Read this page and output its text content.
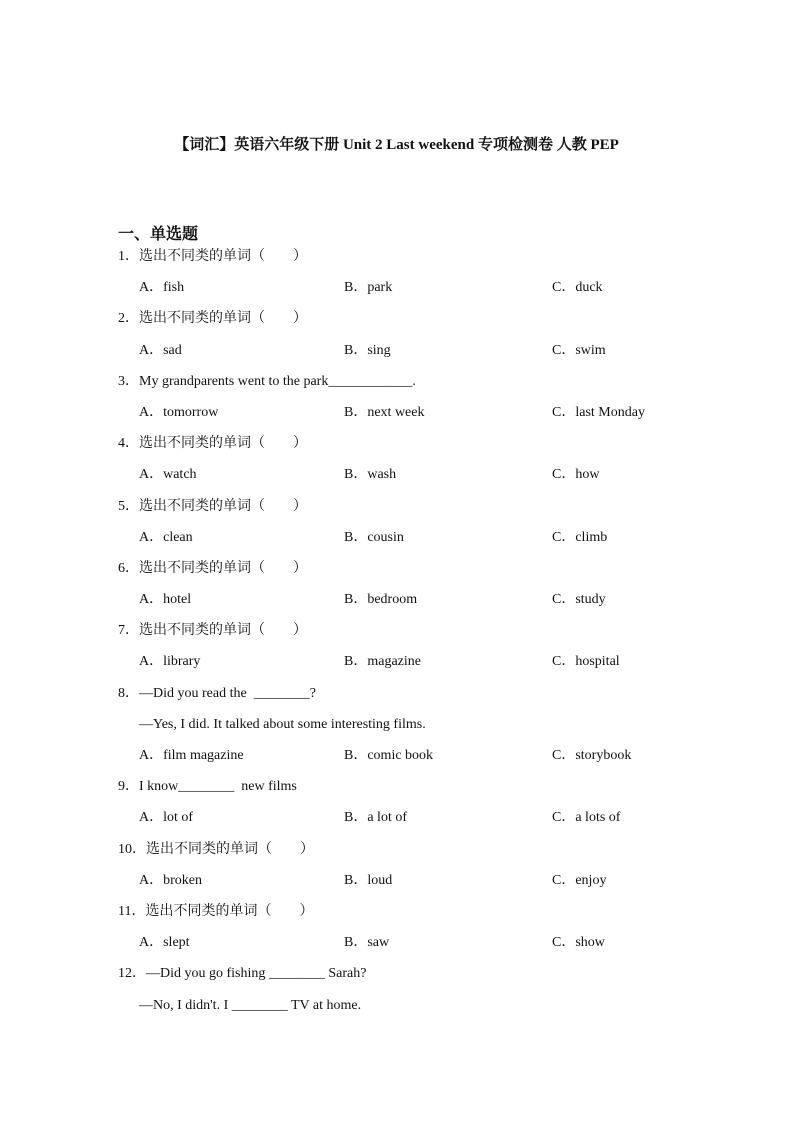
【词汇】英语六年级下册 Unit 2 Last weekend 专项检测卷 人教 PEP
一、单选题
1．选出不同类的单词（　　）
A．fish	B．park	C．duck
2．选出不同类的单词（　　）
A．sad	B．sing	C．swim
3．My grandparents went to the park____________.
A．tomorrow	B．next week	C．last Monday
4．选出不同类的单词（　　）
A．watch	B．wash	C．how
5．选出不同类的单词（　　）
A．clean	B．cousin	C．climb
6．选出不同类的单词（　　）
A．hotel	B．bedroom	C．study
7．选出不同类的单词（　　）
A．library	B．magazine	C．hospital
8．—Did you read the  ________?
—Yes, I did. It talked about some interesting films.
A．film magazine	B．comic book	C．storybook
9．I know________  new films
A．lot of	B．a lot of	C．a lots of
10．选出不同类的单词（　　）
A．broken	B．loud	C．enjoy
11．选出不同类的单词（　　）
A．slept	B．saw	C．show
12．—Did you go fishing ________ Sarah?
—No, I didn't. I ________ TV at home.
